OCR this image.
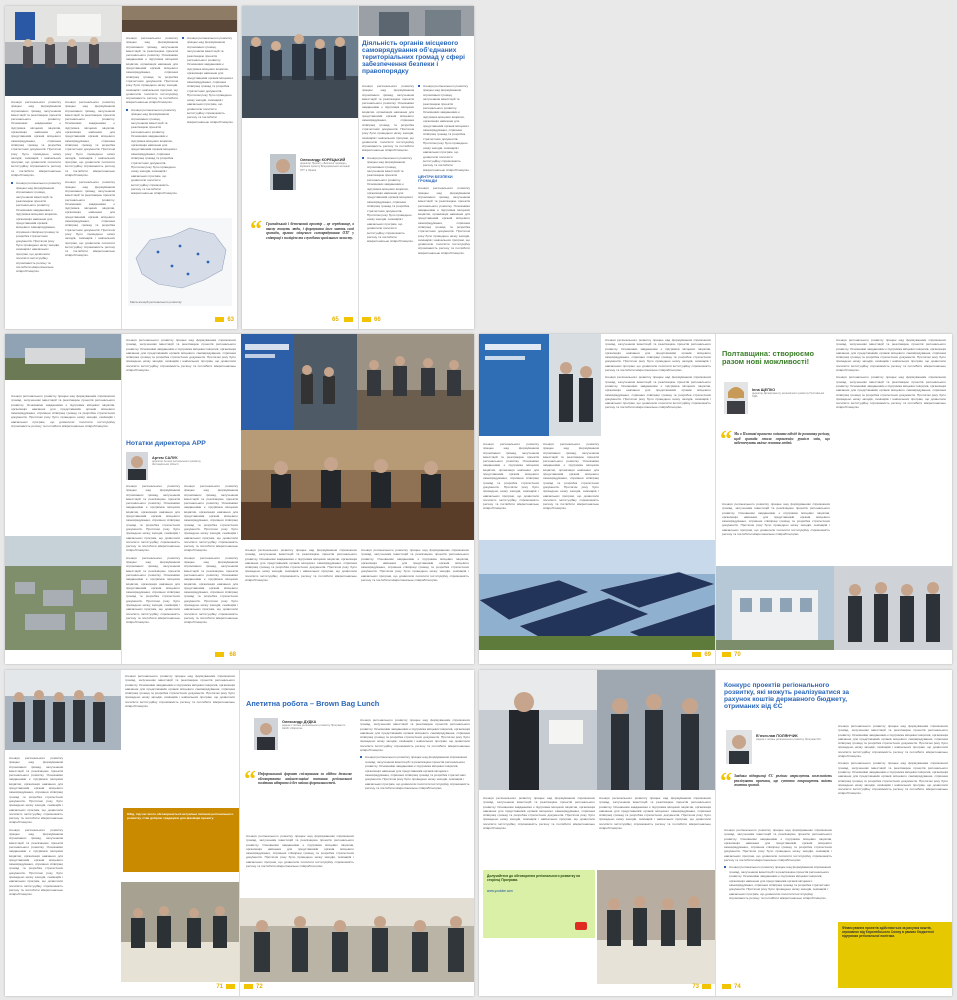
Агенція регіонального розвитку працює над формуванням спроможних громад, залученням інвестицій та реалізацією проектів регіонального розвитку. Основними завданнями є підтримка місцевих ініціатив, організація навчання для представників органів місцевого самоврядування, сприяння співпраці громад та розробка стратегічних документів. Протягом року було проведено низку заходів, семінарів і навчальних програм, що дозволили посилити інституційну спроможність регіону та поглибити міжрегіональне співробітництво.

Агенція регіонального розвитку працює над формуванням спроможних громад, залученням інвестицій та реалізацією проектів регіонального розвитку. Основними завданнями є підтримка місцевих ініціатив, організація навчання для представників органів місцевого самоврядування, сприяння співпраці громад та розробка стратегічних документів. Протягом року було проведено низку заходів, семінарів і навчальних програм, що дозволили посилити інституційну спроможність регіону та поглибити міжрегіональне співробітництво.

Агенція регіонального розвитку працює над формуванням спроможних громад, залученням інвестицій та реалізацією проектів регіонального розвитку. Основними завданнями є підтримка місцевих ініціатив, організація навчання для представників органів місцевого самоврядування, сприяння співпраці громад та розробка стратегічних документів. Протягом року було проведено низку заходів, семінарів і навчальних програм, що дозволили посилити інституційну спроможність регіону та поглибити міжрегіональне співробітництво.

Агенція регіонального розвитку працює над формуванням спроможних громад, залученням інвестицій та реалізацією проектів регіонального розвитку. Основними завданнями є підтримка місцевих ініціатив, організація навчання для представників органів місцевого самоврядування, сприяння співпраці громад та розробка стратегічних документів. Протягом року було проведено низку заходів, семінарів і навчальних програм, що дозволили посилити інституційну спроможність регіону та поглибити міжрегіональне співробітництво.

Агенція регіонального розвитку працює над формуванням спроможних громад, залученням інвестицій та реалізацією проектів регіонального розвитку. Основними завданнями є підтримка місцевих ініціатив, організація навчання для представників органів місцевого самоврядування, сприяння співпраці громад та розробка стратегічних документів. Протягом року було проведено низку заходів, семінарів і навчальних програм, що дозволили посилити інституційну спроможність регіону та поглибити міжрегіональне співробітництво.

Агенція регіонального розвитку працює над формуванням спроможних громад, залученням інвестицій та реалізацією проектів регіонального розвитку. Основними завданнями є підтримка місцевих ініціатив, організація навчання для представників органів місцевого самоврядування, сприяння співпраці громад та розробка стратегічних документів. Протягом року було проведено низку заходів, семінарів і навчальних програм, що дозволили посилити інституційну спроможність регіону та поглибити міжрегіональне співробітництво.
Агенція регіонального розвитку працює над формуванням спроможних громад, залученням інвестицій та реалізацією проектів регіонального розвитку. Основними завданнями є підтримка місцевих ініціатив, організація навчання для представників органів місцевого самоврядування, сприяння співпраці громад та розробка стратегічних документів. Протягом року було проведено низку заходів, семінарів і навчальних програм, що дозволили посилити інституційну спроможність регіону та поглибити міжрегіональне співробітництво.
Мапа агенцій регіонального розвитку
63

Діяльність органів місцевого самоврядування об’єднаних територіальних громад у сфері забезпечення безпеки і правопорядку

Олександр КОРЕЦЬКИЙ

директор Проекту «Безпечні громади», керівник проекту Всеукраїнської асоціації ОТГ в Україні

“ Громадський і безпековий простір – це середовище, в якому живуть люди, і формувати його мають самі громади, органи місцевого самоврядування ОТГ у співпраці з поліцією та службами цивільного захисту.

Агенція регіонального розвитку працює над формуванням спроможних громад, залученням інвестицій та реалізацією проектів регіонального розвитку. Основними завданнями є підтримка місцевих ініціатив, організація навчання для представників органів місцевого самоврядування, сприяння співпраці громад та розробка стратегічних документів. Протягом року було проведено низку заходів, семінарів і навчальних програм, що дозволили посилити інституційну спроможність регіону та поглибити міжрегіональне співробітництво.

Агенція регіонального розвитку працює над формуванням спроможних громад, залученням інвестицій та реалізацією проектів регіонального розвитку. Основними завданнями є підтримка місцевих ініціатив, організація навчання для представників органів місцевого самоврядування, сприяння співпраці громад та розробка стратегічних документів. Протягом року було проведено низку заходів, семінарів і навчальних програм, що дозволили посилити інституційну спроможність регіону та поглибити міжрегіональне співробітництво.
Агенція регіонального розвитку працює над формуванням спроможних громад, залученням інвестицій та реалізацією проектів регіонального розвитку. Основними завданнями є підтримка місцевих ініціатив, організація навчання для представників органів місцевого самоврядування, сприяння співпраці громад та розробка стратегічних документів. Протягом року було проведено низку заходів, семінарів і навчальних програм, що дозволили посилити інституційну спроможність регіону та поглибити міжрегіональне співробітництво.

ЦЕНТРИ БЕЗПЕКИ ГРОМАДИ

Агенція регіонального розвитку працює над формуванням спроможних громад, залученням інвестицій та реалізацією проектів регіонального розвитку. Основними завданнями є підтримка місцевих ініціатив, організація навчання для представників органів місцевого самоврядування, сприяння співпраці громад та розробка стратегічних документів. Протягом року було проведено низку заходів, семінарів і навчальних програм, що дозволили посилити інституційну спроможність регіону та поглибити міжрегіональне співробітництво.

65	66

Агенція регіонального розвитку працює над формуванням спроможних громад, залученням інвестицій та реалізацією проектів регіонального розвитку. Основними завданнями є підтримка місцевих ініціатив, організація навчання для представників органів місцевого самоврядування, сприяння співпраці громад та розробка стратегічних документів. Протягом року було проведено низку заходів, семінарів і навчальних програм, що дозволили посилити інституційну спроможність регіону та поглибити міжрегіональне співробітництво.

Агенція регіонального розвитку працює над формуванням спроможних громад, залученням інвестицій та реалізацією проектів регіонального розвитку. Основними завданнями є підтримка місцевих ініціатив, організація навчання для представників органів місцевого самоврядування, сприяння співпраці громад та розробка стратегічних документів. Протягом року було проведено низку заходів, семінарів і навчальних програм, що дозволили посилити інституційну спроможність регіону та поглибити міжрегіональне співробітництво.

Нотатки директора АРР

Артем САЛУК

директор Агенції регіонального розвитку Житомирської області

Агенція регіонального розвитку працює над формуванням спроможних громад, залученням інвестицій та реалізацією проектів регіонального розвитку. Основними завданнями є підтримка місцевих ініціатив, організація навчання для представників органів місцевого самоврядування, сприяння співпраці громад та розробка стратегічних документів. Протягом року було проведено низку заходів, семінарів і навчальних програм, що дозволили посилити інституційну спроможність регіону та поглибити міжрегіональне співробітництво.

Агенція регіонального розвитку працює над формуванням спроможних громад, залученням інвестицій та реалізацією проектів регіонального розвитку. Основними завданнями є підтримка місцевих ініціатив, організація навчання для представників органів місцевого самоврядування, сприяння співпраці громад та розробка стратегічних документів. Протягом року було проведено низку заходів, семінарів і навчальних програм, що дозволили посилити інституційну спроможність регіону та поглибити міжрегіональне співробітництво.

Агенція регіонального розвитку працює над формуванням спроможних громад, залученням інвестицій та реалізацією проектів регіонального розвитку. Основними завданнями є підтримка місцевих ініціатив, організація навчання для представників органів місцевого самоврядування, сприяння співпраці громад та розробка стратегічних документів. Протягом року було проведено низку заходів, семінарів і навчальних програм, що дозволили посилити інституційну спроможність регіону та поглибити міжрегіональне співробітництво.

Агенція регіонального розвитку працює над формуванням спроможних громад, залученням інвестицій та реалізацією проектів регіонального розвитку. Основними завданнями є підтримка місцевих ініціатив, організація навчання для представників органів місцевого самоврядування, сприяння співпраці громад та розробка стратегічних документів. Протягом року було проведено низку заходів, семінарів і навчальних програм, що дозволили посилити інституційну спроможність регіону та поглибити міжрегіональне співробітництво.

68

Агенція регіонального розвитку працює над формуванням спроможних громад, залученням інвестицій та реалізацією проектів регіонального розвитку. Основними завданнями є підтримка місцевих ініціатив, організація навчання для представників органів місцевого самоврядування, сприяння співпраці громад та розробка стратегічних документів. Протягом року було проведено низку заходів, семінарів і навчальних програм, що дозволили посилити інституційну спроможність регіону та поглибити міжрегіональне співробітництво.

Агенція регіонального розвитку працює над формуванням спроможних громад, залученням інвестицій та реалізацією проектів регіонального розвитку. Основними завданнями є підтримка місцевих ініціатив, організація навчання для представників органів місцевого самоврядування, сприяння співпраці громад та розробка стратегічних документів. Протягом року було проведено низку заходів, семінарів і навчальних програм, що дозволили посилити інституційну спроможність регіону та поглибити міжрегіональне співробітництво.

Агенція регіонального розвитку працює над формуванням спроможних громад, залученням інвестицій та реалізацією проектів регіонального розвитку. Основними завданнями є підтримка місцевих ініціатив, організація навчання для представників органів місцевого самоврядування, сприяння співпраці громад та розробка стратегічних документів. Протягом року було проведено низку заходів, семінарів і навчальних програм, що дозволили посилити інституційну спроможність регіону та поглибити міжрегіональне співробітництво.

Агенція регіонального розвитку працює над формуванням спроможних громад, залученням інвестицій та реалізацією проектів регіонального розвитку. Основними завданнями є підтримка місцевих ініціатив, організація навчання для представників органів місцевого самоврядування, сприяння співпраці громад та розробка стратегічних документів. Протягом року було проведено низку заходів, семінарів і навчальних програм, що дозволили посилити інституційну спроможність регіону та поглибити міжрегіональне співробітництво.

Агенція регіонального розвитку працює над формуванням спроможних громад, залученням інвестицій та реалізацією проектів регіонального розвитку. Основними завданнями є підтримка місцевих ініціатив, організація навчання для представників органів місцевого самоврядування, сприяння співпраці громад та розробка стратегічних документів. Протягом року було проведено низку заходів, семінарів і навчальних програм, що дозволили посилити інституційну спроможність регіону та поглибити міжрегіональне співробітництво.

Агенція регіонального розвитку працює над формуванням спроможних громад, залученням інвестицій та реалізацією проектів регіонального розвитку. Основними завданнями є підтримка місцевих ініціатив, організація навчання для представників органів місцевого самоврядування, сприяння співпраці громад та розробка стратегічних документів. Протягом року було проведено низку заходів, семінарів і навчальних програм, що дозволили посилити інституційну спроможність регіону та поглибити міжрегіональне співробітництво.

69

Полтавщина: створюємо разом нові можливості!

Інна ЩЕПКО

директор Департаменту економічного розвитку Полтавської ОДА

“ Ми в Полтаві прагнемо змінити підхід до розвитку регіону, щоб громада стала справжнім рушієм змін, що забезпечують якісне життя людей.

Агенція регіонального розвитку працює над формуванням спроможних громад, залученням інвестицій та реалізацією проектів регіонального розвитку. Основними завданнями є підтримка місцевих ініціатив, організація навчання для представників органів місцевого самоврядування, сприяння співпраці громад та розробка стратегічних документів. Протягом року було проведено низку заходів, семінарів і навчальних програм, що дозволили посилити інституційну спроможність регіону та поглибити міжрегіональне співробітництво.

Агенція регіонального розвитку працює над формуванням спроможних громад, залученням інвестицій та реалізацією проектів регіонального розвитку. Основними завданнями є підтримка місцевих ініціатив, організація навчання для представників органів місцевого самоврядування, сприяння співпраці громад та розробка стратегічних документів. Протягом року було проведено низку заходів, семінарів і навчальних програм, що дозволили посилити інституційну спроможність регіону та поглибити міжрегіональне співробітництво.

Агенція регіонального розвитку працює над формуванням спроможних громад, залученням інвестицій та реалізацією проектів регіонального розвитку. Основними завданнями є підтримка місцевих ініціатив, організація навчання для представників органів місцевого самоврядування, сприяння співпраці громад та розробка стратегічних документів. Протягом року було проведено низку заходів, семінарів і навчальних програм, що дозволили посилити інституційну спроможність регіону та поглибити міжрегіональне співробітництво.

70

Агенція регіонального розвитку працює над формуванням спроможних громад, залученням інвестицій та реалізацією проектів регіонального розвитку. Основними завданнями є підтримка місцевих ініціатив, організація навчання для представників органів місцевого самоврядування, сприяння співпраці громад та розробка стратегічних документів. Протягом року було проведено низку заходів, семінарів і навчальних програм, що дозволили посилити інституційну спроможність регіону та поглибити міжрегіональне співробітництво.

Агенція регіонального розвитку працює над формуванням спроможних громад, залученням інвестицій та реалізацією проектів регіонального розвитку. Основними завданнями є підтримка місцевих ініціатив, організація навчання для представників органів місцевого самоврядування, сприяння співпраці громад та розробка стратегічних документів. Протягом року було проведено низку заходів, семінарів і навчальних програм, що дозволили посилити інституційну спроможність регіону та поглибити міжрегіональне співробітництво.

Агенція регіонального розвитку працює над формуванням спроможних громад, залученням інвестицій та реалізацією проектів регіонального розвитку. Основними завданнями є підтримка місцевих ініціатив, організація навчання для представників органів місцевого самоврядування, сприяння співпраці громад та розробка стратегічних документів. Протягом року було проведено низку заходів, семінарів і навчальних програм, що дозволили посилити інституційну спроможність регіону та поглибити міжрегіональне співробітництво.

Обід, під час якого обговорюються актуальні питання регіонального розвитку, став доброю традицією для фахівців проекту.

71

Апетитна робота – Brown Bag Lunch

Олександр ДУДКА

радник з питань регіонального розвитку Програми U-LEAD з Європою

“ Неформальний формат спілкування за обідом дозволяє обговорювати найважливіші питання регіональної політики відкрито й без зайвих формальностей.

Агенція регіонального розвитку працює над формуванням спроможних громад, залученням інвестицій та реалізацією проектів регіонального розвитку. Основними завданнями є підтримка місцевих ініціатив, організація навчання для представників органів місцевого самоврядування, сприяння співпраці громад та розробка стратегічних документів. Протягом року було проведено низку заходів, семінарів і навчальних програм, що дозволили посилити інституційну спроможність регіону та поглибити міжрегіональне співробітництво.

Агенція регіонального розвитку працює над формуванням спроможних громад, залученням інвестицій та реалізацією проектів регіонального розвитку. Основними завданнями є підтримка місцевих ініціатив, організація навчання для представників органів місцевого самоврядування, сприяння співпраці громад та розробка стратегічних документів. Протягом року було проведено низку заходів, семінарів і навчальних програм, що дозволили посилити інституційну спроможність регіону та поглибити міжрегіональне співробітництво.

Агенція регіонального розвитку працює над формуванням спроможних громад, залученням інвестицій та реалізацією проектів регіонального розвитку. Основними завданнями є підтримка місцевих ініціатив, організація навчання для представників органів місцевого самоврядування, сприяння співпраці громад та розробка стратегічних документів. Протягом року було проведено низку заходів, семінарів і навчальних програм, що дозволили посилити інституційну спроможність регіону та поглибити міжрегіональне співробітництво.
72

Агенція регіонального розвитку працює над формуванням спроможних громад, залученням інвестицій та реалізацією проектів регіонального розвитку. Основними завданнями є підтримка місцевих ініціатив, організація навчання для представників органів місцевого самоврядування, сприяння співпраці громад та розробка стратегічних документів. Протягом року було проведено низку заходів, семінарів і навчальних програм, що дозволили посилити інституційну спроможність регіону та поглибити міжрегіональне співробітництво.

Агенція регіонального розвитку працює над формуванням спроможних громад, залученням інвестицій та реалізацією проектів регіонального розвитку. Основними завданнями є підтримка місцевих ініціатив, організація навчання для представників органів місцевого самоврядування, сприяння співпраці громад та розробка стратегічних документів. Протягом року було проведено низку заходів, семінарів і навчальних програм, що дозволили посилити інституційну спроможність регіону та поглибити міжрегіональне співробітництво.

Долучайтеся до обговорення регіонального розвитку на сторінці Програми.

www.youtube.com

73

Конкурс проектів регіонального розвитку, які можуть реалізуватися за рахунок коштів державного бюджету, отриманих від ЄС

В’ячеслав ПОЛЯНЧИК

радник з питань регіонального розвитку Програми ЄС

“ Завдяки підтримці ЄС регіони отримують можливість реалізувати проекти, що суттєво покращують якість життя громад.

Агенція регіонального розвитку працює над формуванням спроможних громад, залученням інвестицій та реалізацією проектів регіонального розвитку. Основними завданнями є підтримка місцевих ініціатив, організація навчання для представників органів місцевого самоврядування, сприяння співпраці громад та розробка стратегічних документів. Протягом року було проведено низку заходів, семінарів і навчальних програм, що дозволили посилити інституційну спроможність регіону та поглибити міжрегіональне співробітництво.

Агенція регіонального розвитку працює над формуванням спроможних громад, залученням інвестицій та реалізацією проектів регіонального розвитку. Основними завданнями є підтримка місцевих ініціатив, організація навчання для представників органів місцевого самоврядування, сприяння співпраці громад та розробка стратегічних документів. Протягом року було проведено низку заходів, семінарів і навчальних програм, що дозволили посилити інституційну спроможність регіону та поглибити міжрегіональне співробітництво.

Агенція регіонального розвитку працює над формуванням спроможних громад, залученням інвестицій та реалізацією проектів регіонального розвитку. Основними завданнями є підтримка місцевих ініціатив, організація навчання для представників органів місцевого самоврядування, сприяння співпраці громад та розробка стратегічних документів. Протягом року було проведено низку заходів, семінарів і навчальних програм, що дозволили посилити інституційну спроможність регіону та поглибити міжрегіональне співробітництво.

Агенція регіонального розвитку працює над формуванням спроможних громад, залученням інвестицій та реалізацією проектів регіонального розвитку. Основними завданнями є підтримка місцевих ініціатив, організація навчання для представників органів місцевого самоврядування, сприяння співпраці громад та розробка стратегічних документів. Протягом року було проведено низку заходів, семінарів і навчальних програм, що дозволили посилити інституційну спроможність регіону та поглибити міжрегіональне співробітництво.

Фінансування проектів здійснюється за рахунок коштів, отриманих від Європейського Союзу в рамках бюджетної підтримки регіональної політики.

74
